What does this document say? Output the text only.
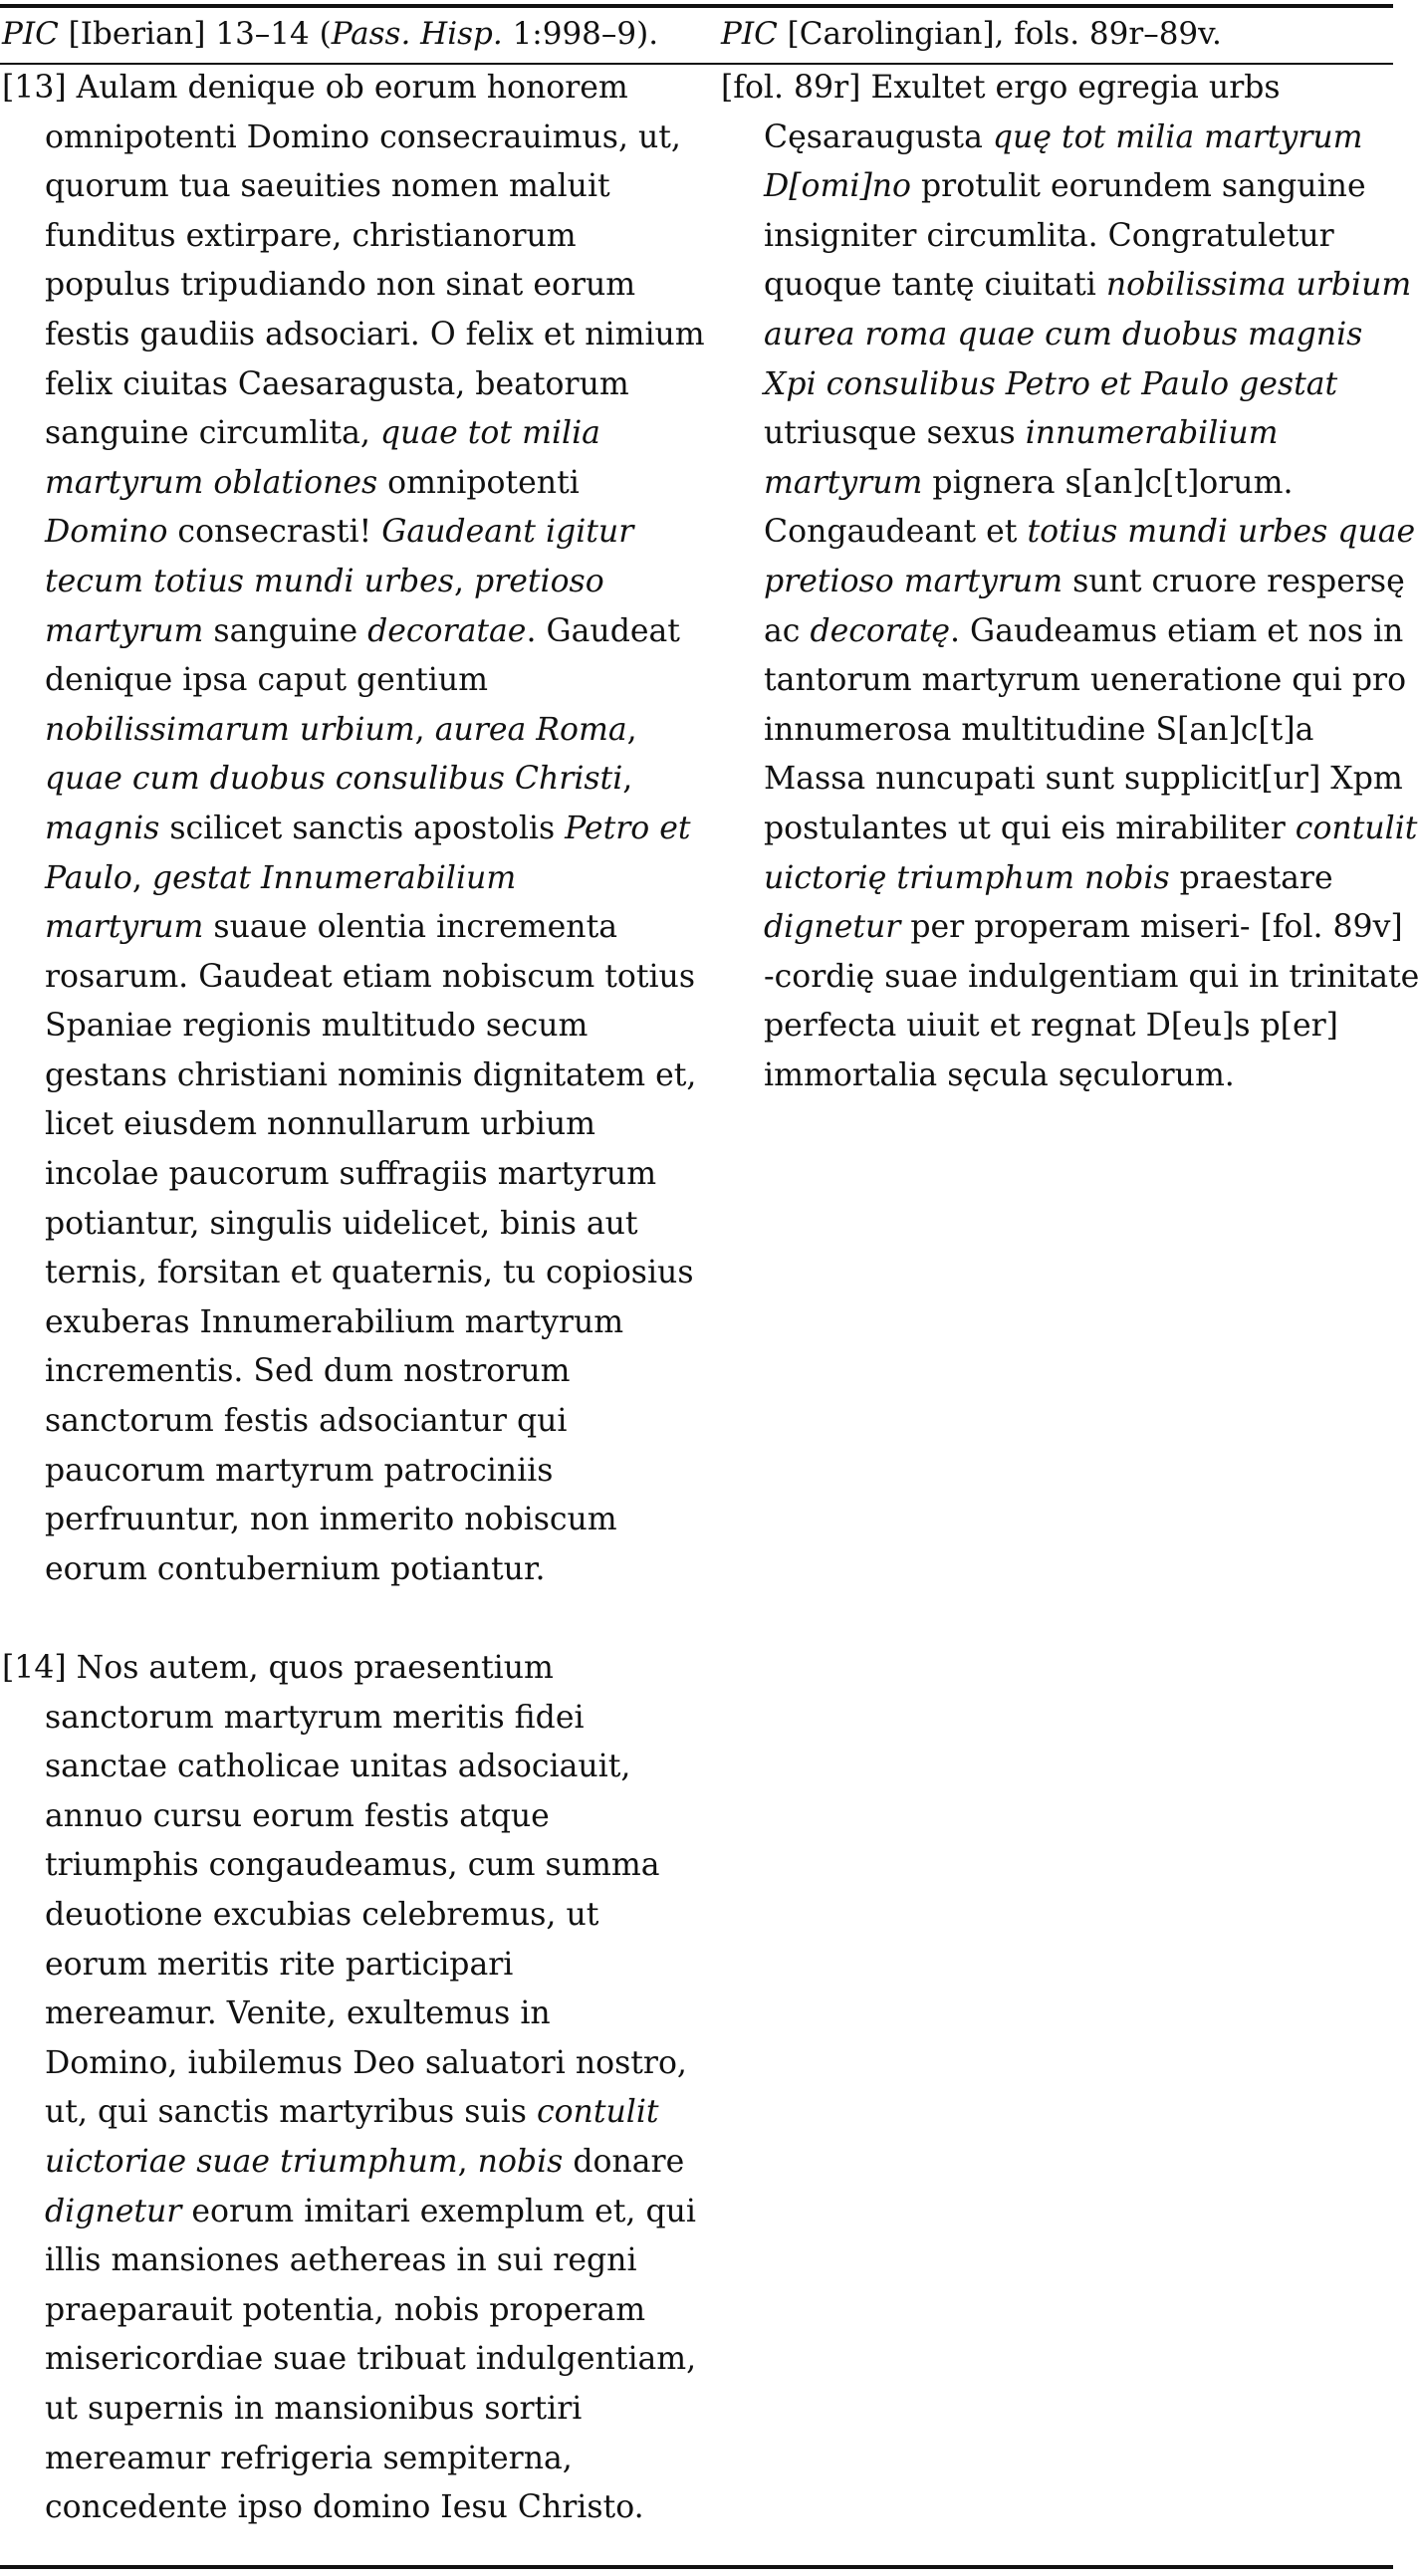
PIC [Iberian] 13–14 (Pass. Hisp. 1:998–9). PIC [Carolingian], fols. 89r–89v.
[13] Aulam denique ob eorum honorem
omnipotenti Domino consecrauimus, ut,
quorum tua saeuities nomen maluit
funditus extirpare, christianorum
populus tripudiando non sinat eorum
festis gaudiis adsociari. O felix et nimium
felix ciuitas Caesaragusta, beatorum
sanguine circumlita, quae tot milia
martyrum oblationes omnipotenti
Domino consecrasti! Gaudeant igitur
tecum totius mundi urbes, pretioso
martyrum sanguine decoratae. Gaudeat
denique ipsa caput gentium
nobilissimarum urbium, aurea Roma,
quae cum duobus consulibus Christi,
magnis scilicet sanctis apostolis Petro et
Paulo, gestat Innumerabilium
martyrum suauе olentia incrementa
rosarum. Gaudeat etiam nobiscum totius
Spaniae regionis multitudo secum
gestans christiani nominis dignitatem et,
licet eiusdem nonnullarum urbium
incolae paucorum suffragiis martyrum
potiantur, singulis uidelicet, binis aut
ternis, forsitan et quaternis, tu copiosius
exuberas Innumerabilium martyrum
incrementis. Sed dum nostrorum
sanctorum festis adsociantur qui
paucorum martyrum patrociniis
perfruuntur, non inmerito nobiscum
eorum contubernium potiantur.
[14] Nos autem, quos praesentium
sanctorum martyrum meritis fidei
sanctae catholicae unitas adsociauit,
annuo cursu eorum festis atque
triumphis congaudeamus, cum summa
deuotione excubias celebremus, ut
eorum meritis rite participari
mereamur. Venite, exultemus in
Domino, iubilemus Deo saluatori nostro,
ut, qui sanctis martyribus suis contulit
uictoriae suae triumphum, nobis donare
dignetur eorum imitari exemplum et, qui
illis mansiones aethereas in sui regni
praeparauit potentia, nobis properam
misericordiae suae tribuat indulgentiam,
ut supernis in mansionibus sortiri
mereamur refrigeria sempiterna,
concedente ipso domino Iesu Christo.
[fol. 89r] Exultet ergo egregia urbs
Cęsaraugusta quę tot milia martyrum
D[omi]no protulit eorundem sanguine
insigniter circumlita. Congratuletur
quoque tantę ciuitati nobilissima urbium
aurea roma quae cum duobus magnis
Xpi consulibus Petro et Paulo gestat
utriusque sexus innumerabilium
martyrum pignera s[an]c[t]orum.
Congaudeant et totius mundi urbes quae
pretioso martyrum sunt cruore respersę
ac decoratę. Gaudeamus etiam et nos in
tantorum martyrum ueneratione qui pro
innumerosa multitudine S[an]c[t]a
Massa nuncupati sunt supplicit[ur] Xpm
postulantes ut qui eis mirabiliter contulit
uictorię triumphum nobis praestare
dignetur per properam miseri- [fol. 89v]
-cordię suae indulgentiam qui in trinitate
perfecta uiuit et regnat D[eu]s p[er]
immortalia sęcula sęculorum.
